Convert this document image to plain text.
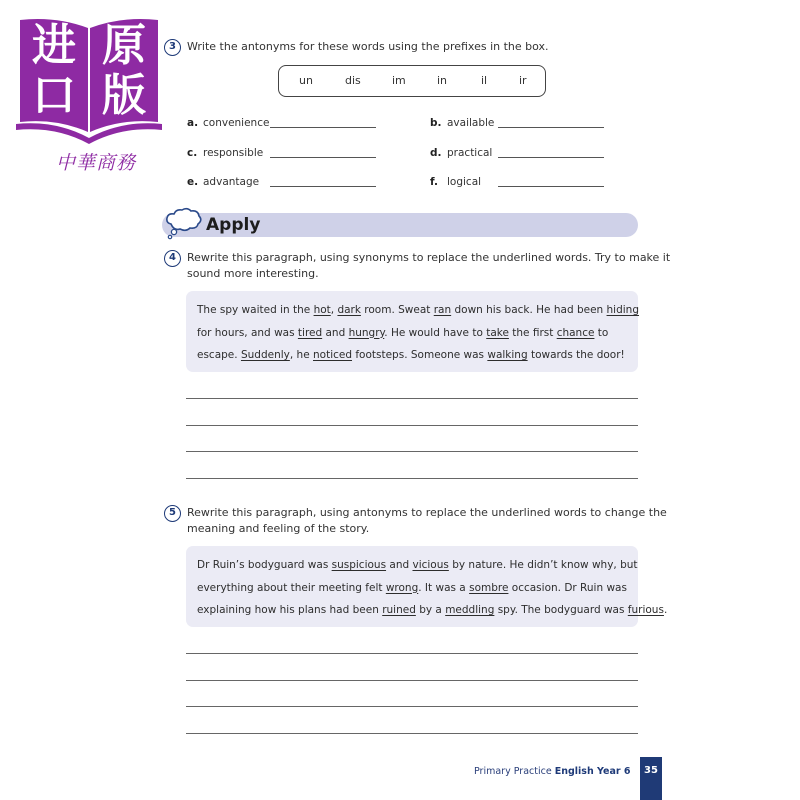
进 原
口 版
中華商務
3	Write the antonyms for these words using the prefixes in the box.
un	dis	im	in	il	ir
a. convenience	b. available
c. responsible	d. practical
e. advantage	f. logical
Apply
4	Rewrite this paragraph, using synonyms to replace the underlined words. Try to make it
sound more interesting.
The spy waited in the hot, dark room. Sweat ran down his back. He had been hiding
for hours, and was tired and hungry. He would have to take the first chance to
escape. Suddenly, he noticed footsteps. Someone was walking towards the door!
5	Rewrite this paragraph, using antonyms to replace the underlined words to change the
meaning and feeling of the story.
Dr Ruin’s bodyguard was suspicious and vicious by nature. He didn’t know why, but
everything about their meeting felt wrong. It was a sombre occasion. Dr Ruin was
explaining how his plans had been ruined by a meddling spy. The bodyguard was furious.
Primary Practice English Year 6	35
